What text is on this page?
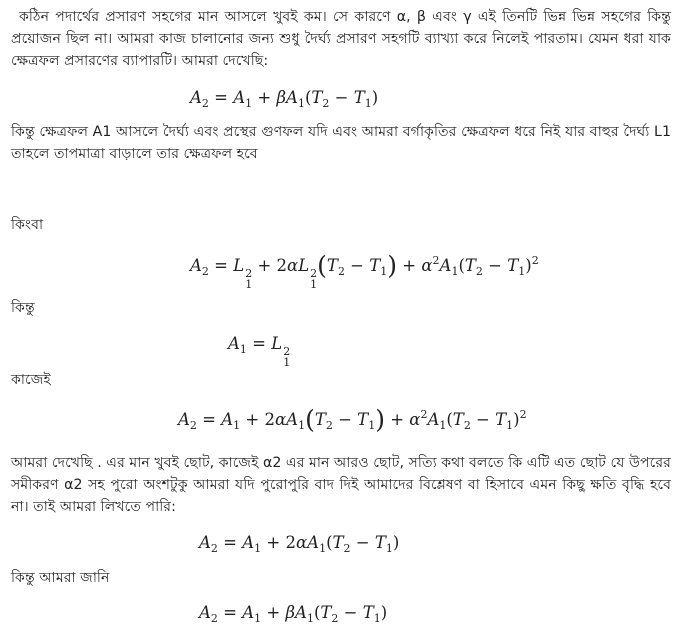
কঠিন পদার্থের প্রসারণ সহগের মান আসলে খুবই কম। সে কারণে α, β এবং γ এই তিনটি ভিন্ন ভিন্ন সহগের কিন্তু প্রয়োজন ছিল না। আমরা কাজ চালানোর জন্য শুধু দৈর্ঘ্য প্রসারণ সহগটি ব্যাখ্যা করে নিলেই পারতাম। যেমন ধরা যাক ক্ষেত্রফল প্রসারণের ব্যাপারটি। আমরা দেখেছি:

$A_2 = A_1 + \beta A_1(T_2 - T_1)$

কিন্তু ক্ষেত্রফল A1 আসলে দৈর্ঘ্য এবং প্রস্থের গুণফল যদি এবং আমরা বর্গাকৃতির ক্ষেত্রফল ধরে নিই যার বাহুর দৈর্ঘ্য L1 তাহলে তাপমাত্রা বাড়ালে তার ক্ষেত্রফল হবে

কিংবা

$A_2 = L$ 2
1
+ 2αL 2
1
$(T_2 - T_1) + \alpha^2A_1(T_2 - T_1)^2$

কিন্তু

$A_1 = L$ 2
1

কাজেই

$A_2 = A_1 + 2\alpha A_1(T_2 - T_1) + \alpha^2A_1(T_2 - T_1)^2$

আমরা দেখেছি . এর মান খুবই ছোট, কাজেই α2 এর মান আরও ছোট, সত্যি কথা বলতে কি এটি এত ছোট যে উপরের সমীকরণ α2 সহ পুরো অংশটুকু আমরা যদি পুরোপুরি বাদ দিই আমাদের বিশ্লেষণ বা হিসাবে এমন কিছু ক্ষতি বৃদ্ধি হবে না। তাই আমরা লিখতে পারি:

$A_2 = A_1 + 2\alpha A_1(T_2 - T_1)$

কিন্তু আমরা জানি

$A_2 = A_1 + \beta A_1(T_2 - T_1)$
